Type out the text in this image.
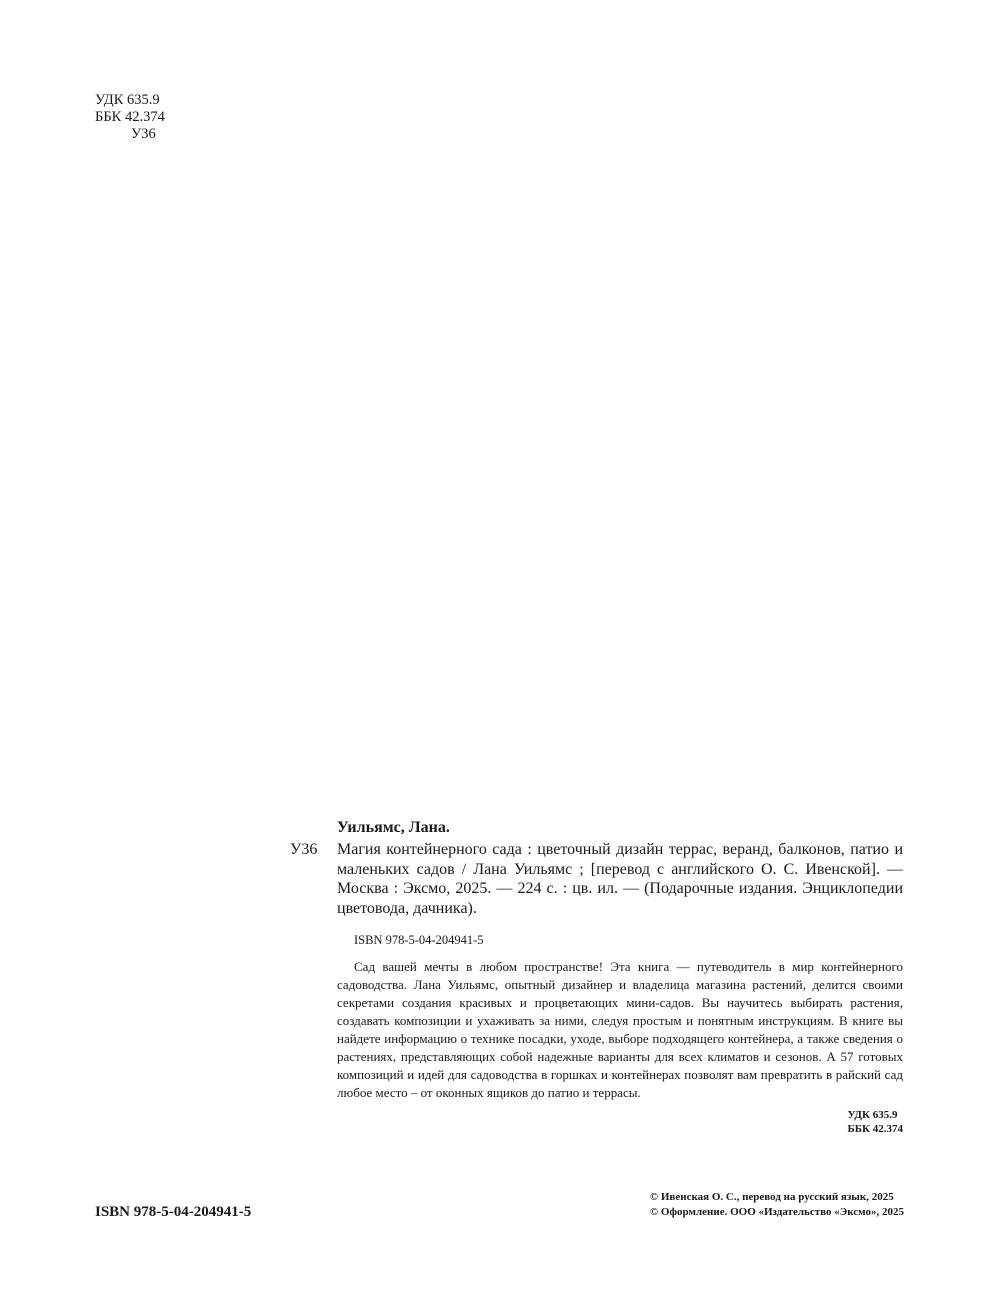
УДК 635.9
ББК 42.374
У36
У36

Уильямс, Лана.

Магия контейнерного сада : цветочный дизайн террас, веранд, балконов, патио и маленьких садов / Лана Уильямс ; [перевод с английского О. С. Ивенской]. — Москва : Эксмо, 2025. — 224 с. : цв. ил. — (Подарочные издания. Энциклопедии цветовода, дачника).

ISBN 978-5-04-204941-5

Сад вашей мечты в любом пространстве! Эта книга — путеводитель в мир контейнерного садоводства. Лана Уильямс, опытный дизайнер и владелица магазина растений, делится своими секретами создания красивых и процветающих мини-садов. Вы научитесь выбирать растения, создавать композиции и ухаживать за ними, следуя простым и понятным инструкциям. В книге вы найдете информацию о технике посадки, уходе, выборе подходящего контейнера, а также сведения о растениях, представляющих собой надежные варианты для всех климатов и сезонов. А 57 готовых композиций и идей для садоводства в горшках и контейнерах позволят вам превратить в райский сад любое место – от оконных ящиков до патио и террасы.

УДК 635.9
ББК 42.374
ISBN 978-5-04-204941-5
© Ивенская О. С., перевод на русский язык, 2025
© Оформление. ООО «Издательство «Эксмо», 2025
